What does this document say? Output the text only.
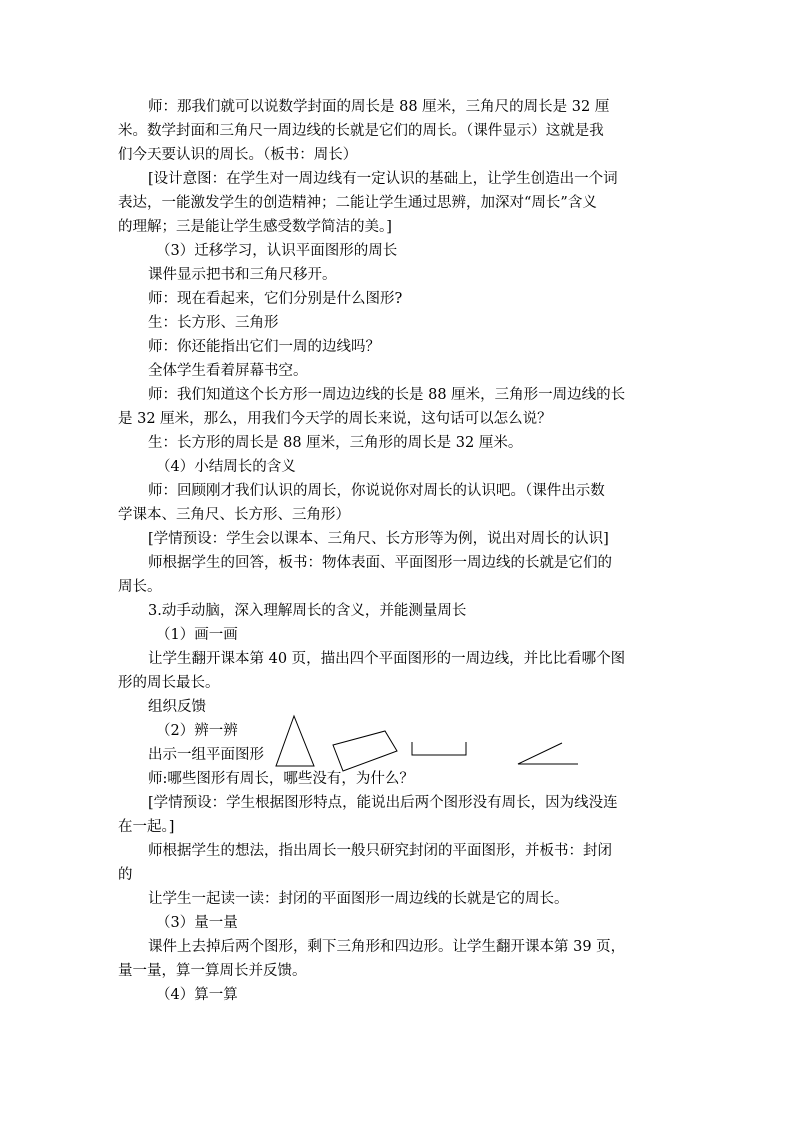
师：那我们就可以说数学封面的周长是 88 厘米，三角尺的周长是 32 厘
米。数学封面和三角尺一周边线的长就是它们的周长。（课件显示）这就是我
们今天要认识的周长。（板书：周长）
[设计意图：在学生对一周边线有一定认识的基础上，让学生创造出一个词
表达，一能激发学生的创造精神；二能让学生通过思辨，加深对“周长”含义
的理解；三是能让学生感受数学简洁的美。]
（3）迁移学习，认识平面图形的周长
课件显示把书和三角尺移开。
师：现在看起来，它们分别是什么图形?
生：长方形、三角形
师：你还能指出它们一周的边线吗？
全体学生看着屏幕书空。
师：我们知道这个长方形一周边边线的长是 88 厘米，三角形一周边线的长
是 32 厘米，那么，用我们今天学的周长来说，这句话可以怎么说？
生：长方形的周长是 88 厘米，三角形的周长是 32 厘米。
（4）小结周长的含义
师：回顾刚才我们认识的周长，你说说你对周长的认识吧。（课件出示数
学课本、三角尺、长方形、三角形）
[学情预设：学生会以课本、三角尺、长方形等为例，说出对周长的认识]
师根据学生的回答，板书：物体表面、平面图形一周边线的长就是它们的
周长。
3.动手动脑，深入理解周长的含义，并能测量周长
（1）画一画
让学生翻开课本第 40 页，描出四个平面图形的一周边线，并比比看哪个图
形的周长最长。
组织反馈
（2）辨一辨
出示一组平面图形
师:哪些图形有周长，哪些没有，为什么？
[学情预设：学生根据图形特点，能说出后两个图形没有周长，因为线没连
在一起。]
师根据学生的想法，指出周长一般只研究封闭的平面图形，并板书：封闭
的
让学生一起读一读：封闭的平面图形一周边线的长就是它的周长。
（3）量一量
课件上去掉后两个图形，剩下三角形和四边形。让学生翻开课本第 39 页，
量一量，算一算周长并反馈。
（4）算一算
